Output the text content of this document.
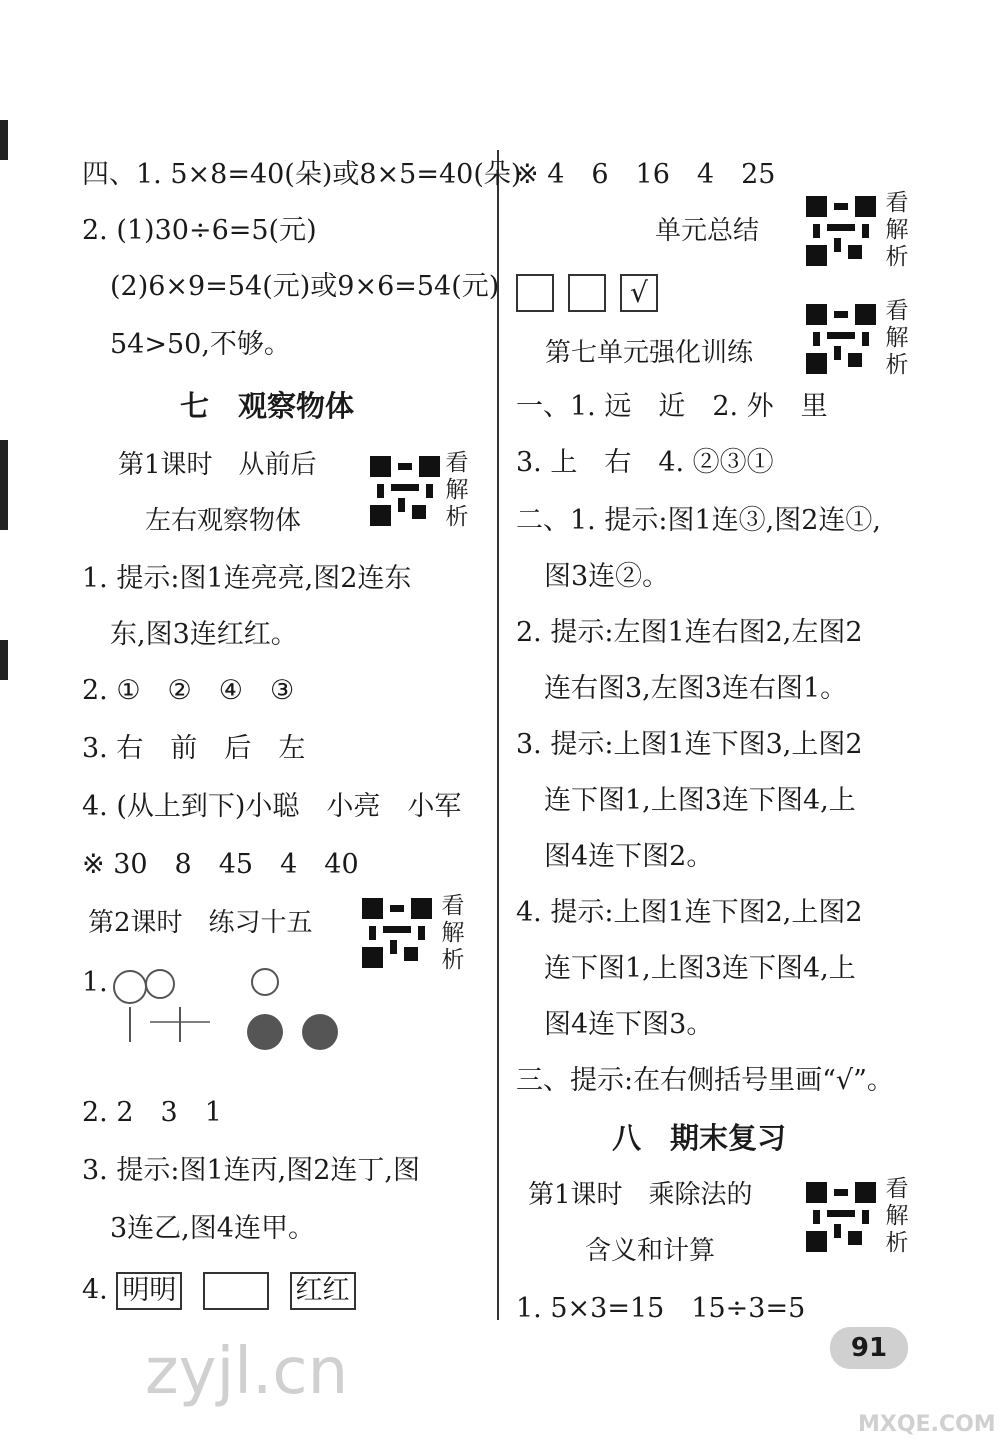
四、1. 5×8=40(朵)或8×5=40(朵)
2. (1)30÷6=5(元)
(2)6×9=54(元)或9×6=54(元)
54>50,不够。
七　观察物体
第1课时　从前后
左右观察物体
看解析
1. 提示:图1连亮亮,图2连东
东,图3连红红。
2. ①　②　④　③
3. 右　前　后　左
4. (从上到下)小聪　小亮　小军
※ 30　8　45　4　40
第2课时　练习十五
看解析
1.
2. 2　3　1
3. 提示:图1连丙,图2连丁,图
3连乙,图4连甲。
4. 明明	红红
zyjl.cn
※ 4　6　16　4　25
单元总结
看解析
√
第七单元强化训练
看解析
一、1. 远　近　2. 外　里
3. 上　右　4. ②③①
二、1. 提示:图1连③,图2连①,
图3连②。
2. 提示:左图1连右图2,左图2
连右图3,左图3连右图1。
3. 提示:上图1连下图3,上图2
连下图1,上图3连下图4,上
图4连下图2。
4. 提示:上图1连下图2,上图2
连下图1,上图3连下图4,上
图4连下图3。
三、提示:在右侧括号里画“√”。
八　期末复习
第1课时　乘除法的
含义和计算
看解析
1. 5×3=15　15÷3=5
91
MXQE.COM
